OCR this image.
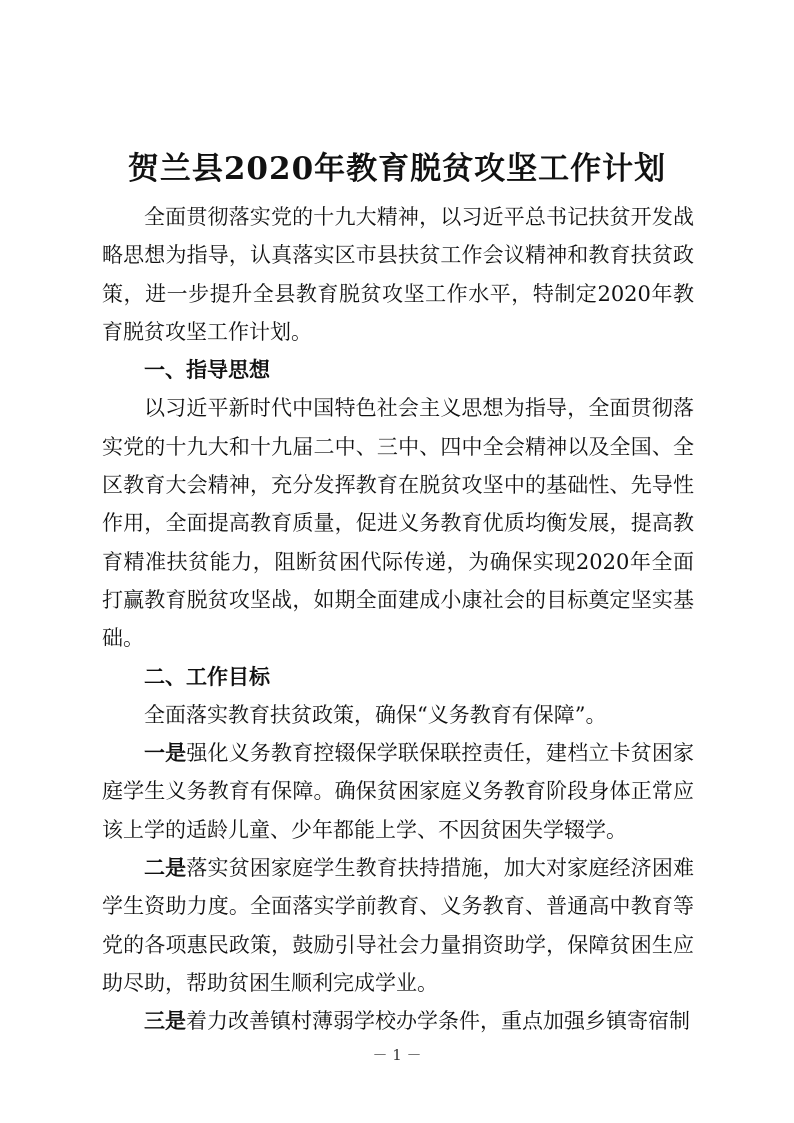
贺兰县2020年教育脱贫攻坚工作计划

全面贯彻落实党的十九大精神，以习近平总书记扶贫开发战略思想为指导，认真落实区市县扶贫工作会议精神和教育扶贫政策，进一步提升全县教育脱贫攻坚工作水平，特制定2020年教育脱贫攻坚工作计划。

一、指导思想

以习近平新时代中国特色社会主义思想为指导，全面贯彻落实党的十九大和十九届二中、三中、四中全会精神以及全国、全区教育大会精神，充分发挥教育在脱贫攻坚中的基础性、先导性作用，全面提高教育质量，促进义务教育优质均衡发展，提高教育精准扶贫能力，阻断贫困代际传递，为确保实现2020年全面打赢教育脱贫攻坚战，如期全面建成小康社会的目标奠定坚实基础。

二、工作目标

全面落实教育扶贫政策，确保“义务教育有保障”。

一是强化义务教育控辍保学联保联控责任，建档立卡贫困家庭学生义务教育有保障。确保贫困家庭义务教育阶段身体正常应该上学的适龄儿童、少年都能上学、不因贫困失学辍学。

二是落实贫困家庭学生教育扶持措施，加大对家庭经济困难学生资助力度。全面落实学前教育、义务教育、普通高中教育等党的各项惠民政策，鼓励引导社会力量捐资助学，保障贫困生应助尽助，帮助贫困生顺利完成学业。

三是着力改善镇村薄弱学校办学条件，重点加强乡镇寄宿制

－ 1 －
